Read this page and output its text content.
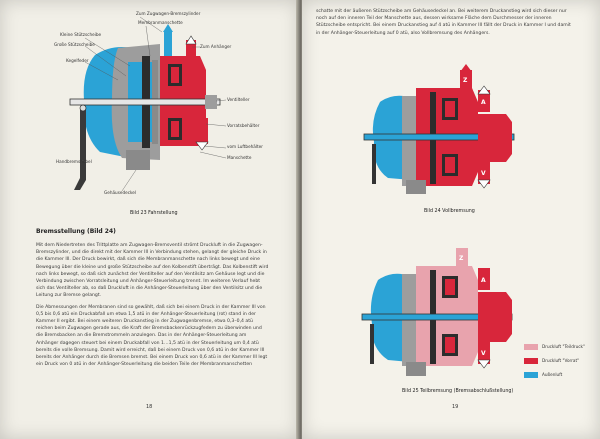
Zum Zugwagen-Bremszylinder
Membranmanschette
Kleine Stützscheibe
Große Stützscheibe	Zum Anhänger
Kegelfeder
Ventilteller
Vorratsbehälter
vom Luftbehälter
Manschette
Handbremshebel
Gehäusedeckel
Bild 23 Fahrstellung
Bremsstellung (Bild 24)

Mit dem Niedertreten des Trittplatte am Zugwagen-Bremsventil strömt Druckluft in die Zugwagen-Bremszylinder, und die direkt mit der Kammer III in Verbindung stehen, gelangt der gleiche Druck in die Kammer III. Der Druck bewirkt, daß sich die Membranmanschette nach links bewegt und eine Bewegung über die kleine und große Stützscheibe auf den Kolbenstift überträgt. Das Kolbenstift wird nach links bewegt, so daß sich zunächst der Ventilteller auf den Ventilsitz am Gehäuse legt und die Verbindung zwischen Vorratsleitung und Anhänger-Steuerleitung trennt. Im weiteren Verlauf hebt sich das Ventilteller ab, so daß Druckluft in die Anhänger-Steuerleitung über den Ventilsitz und die Leitung zur Bremse gelangt.

Die Abmessungen der Membranen sind so gewählt, daß sich bei einem Druck in der Kammer III von 0,5 bis 0,6 atü ein Druckabfall um etwa 1,5 atü in der Anhänger-Steuerleitung (rot) stand in der Kammer II ergibt. Bei einem weiteren Druckanstieg in der Zugwagenbremse, etwa 0,3–0,4 atü reichen beim Zugwagen gerade aus, die Kraft der Bremsbackenrückzugfedern zu überwinden und die Bremsbacken an die Bremstrommeln anzulegen. Das in der Anhänger-Steuerleitung am Anhänger dagegen steuert bei einem Druckabfall von 1…1,5 atü in der Steuerleitung um 0,4 atü bereits die volle Bremsung. Damit wird erreicht, daß bei einem Druck von 0,6 atü in der Kammer III bereits der Anhänger durch die Bremsen bremst. Bei einem Druck von 0,6 atü in der Kammer III legt ein Druck von 0 atü in der Anhänger-Steuerleitung die beiden Teile der Membranmanschetten

18

schatte mit der äußeren Stützscheibe am Gehäusedeckel an. Bei weiterem Druckanstieg wird sich dieser nur noch auf den inneren Teil der Manschette aus, dessen wirksame Fläche dem Durchmesser der inneren Stützscheibe entspricht. Bei einem Druckanstieg auf 4 atü in Kammer III fällt der Druck in Kammer I und damit in der Anhänger-Steuerleitung auf 0 atü, also Vollbremsung des Anhängers.

Z
A
V
Bild 24 Vollbremsung
Z
A
V
Druckluft "Teildruck"
Druckluft "Vorrat"
Außenluft
Bild 25 Teilbremsung (Bremsabschlußstellung)
19
